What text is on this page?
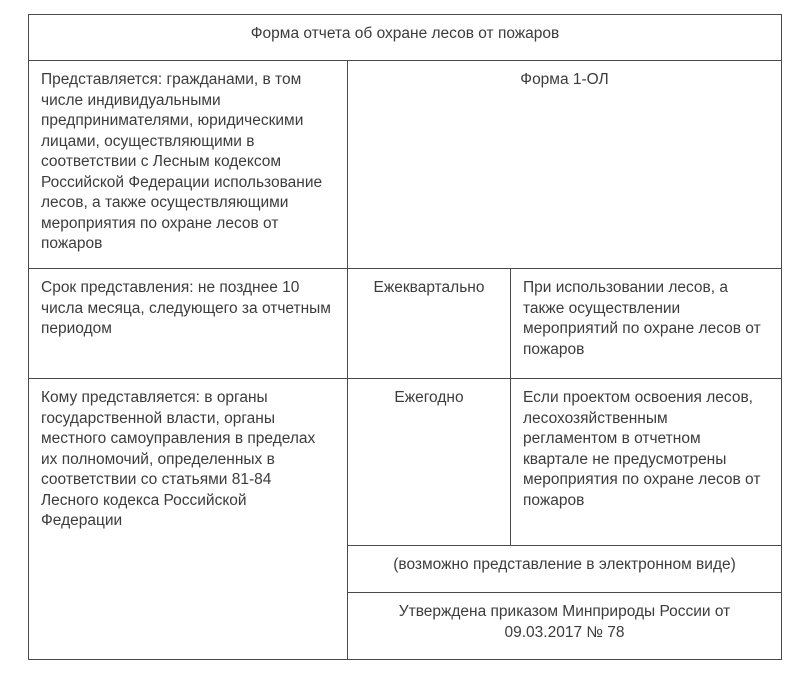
Форма отчета об охране лесов от пожаров		
Представляется: гражданами, в том числе индивидуальными предпринимателями, юридическими лицами, осуществляющими в соответствии с Лесным кодексом Российской Федерации использование лесов, а также осуществляющими мероприятия по охране лесов от пожаров	Форма 1-ОЛ	
Срок представления: не позднее 10 числа месяца, следующего за отчетным периодом	Ежеквартально	При использовании лесов, а также осуществлении мероприятий по охране лесов от пожаров
Кому представляется: в органы государственной власти, органы местного самоуправления в пределах их полномочий, определенных в соответствии со статьями 81-84 Лесного кодекса Российской Федерации	Ежегодно	Если проектом освоения лесов, лесохозяйственным регламентом в отчетном квартале не предусмотрены мероприятия по охране лесов от пожаров
	(возможно представление в электронном виде)	

	Утверждена приказом Минприроды России от 09.03.2017 № 78	
